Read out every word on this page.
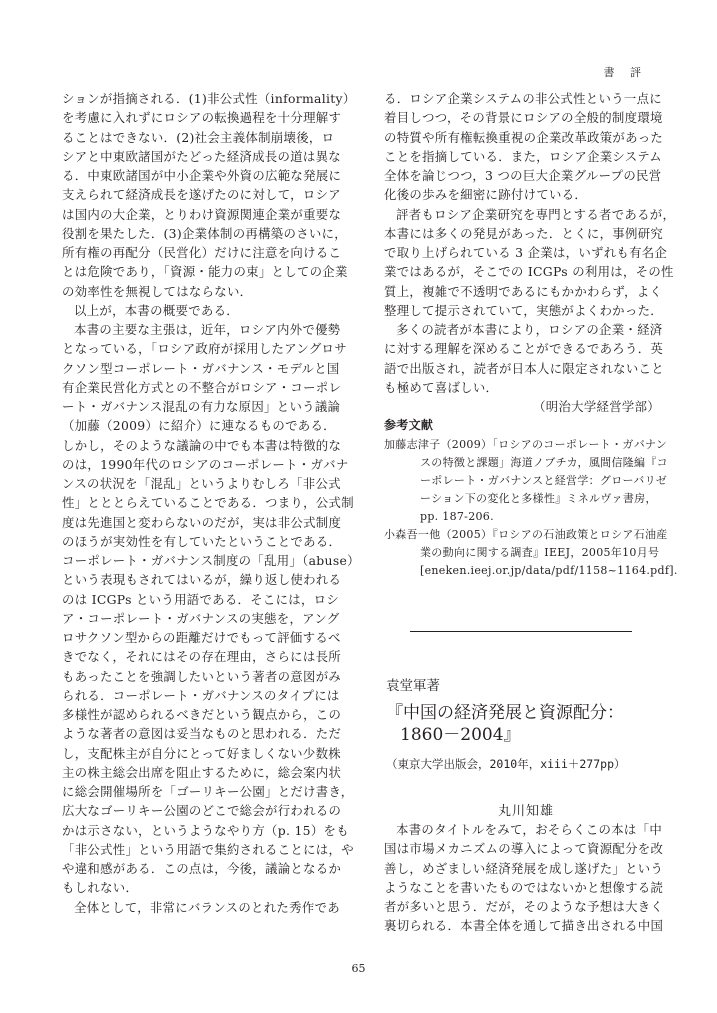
書 評

ションが指摘される．(1)非公式性（informality）

を考慮に入れずにロシアの転換過程を十分理解す

ることはできない．(2)社会主義体制崩壊後，ロ

シアと中東欧諸国がたどった経済成長の道は異な

る．中東欧諸国が中小企業や外資の広範な発展に

支えられて経済成長を遂げたのに対して，ロシア

は国内の大企業，とりわけ資源関連企業が重要な

役割を果たした．(3)企業体制の再構築のさいに，

所有権の再配分（民営化）だけに注意を向けるこ

とは危険であり，「資源・能力の束」としての企業

の効率性を無視してはならない．

以上が，本書の概要である．

本書の主要な主張は，近年，ロシア内外で優勢

となっている，「ロシア政府が採用したアングロサ

クソン型コーポレート・ガバナンス・モデルと国

有企業民営化方式との不整合がロシア・コーポレ

ート・ガバナンス混乱の有力な原因」という議論

（加藤（2009）に紹介）に連なるものである．

しかし，そのような議論の中でも本書は特徴的な

のは，1990年代のロシアのコーポレート・ガバナ

ンスの状況を「混乱」というよりむしろ「非公式

性」とととらえていることである．つまり，公式制

度は先進国と変わらないのだが，実は非公式制度

のほうが実効性を有していたということである．

コーポレート・ガバナンス制度の「乱用」（abuse）

という表現もされてはいるが，繰り返し使われる

のは ICGPs という用語である．そこには，ロシ

ア・コーポレート・ガバナンスの実態を，アング

ロサクソン型からの距離だけでもって評価するべ

きでなく，それにはその存在理由，さらには長所

もあったことを強調したいという著者の意図がみ

られる．コーポレート・ガバナンスのタイプには

多様性が認められるべきだという観点から，この

ような著者の意図は妥当なものと思われる．ただ

し，支配株主が自分にとって好ましくない少数株

主の株主総会出席を阻止するために，総会案内状

に総会開催場所を「ゴーリキー公園」とだけ書き，

広大なゴーリキー公園のどこで総会が行われるの

かは示さない，というようなやり方（p. 15）をも

「非公式性」という用語で集約されることには，や

や違和感がある．この点は，今後，議論となるか

もしれない．

全体として，非常にバランスのとれた秀作であ

る．ロシア企業システムの非公式性という一点に

着目しつつ，その背景にロシアの全般的制度環境

の特質や所有権転換重視の企業改革政策があった

ことを指摘している．また，ロシア企業システム

全体を論じつつ，3 つの巨大企業グループの民営

化後の歩みを細密に跡付けている．

評者もロシア企業研究を専門とする者であるが，

本書には多くの発見があった．とくに，事例研究

で取り上げられている 3 企業は，いずれも有名企

業ではあるが，そこでの ICGPs の利用は，その性

質上，複雑で不透明であるにもかかわらず，よく

整理して提示されていて，実態がよくわかった．

多くの読者が本書により，ロシアの企業・経済

に対する理解を深めることができるであろう．英

語で出版され，読者が日本人に限定されないこと

も極めて喜ばしい．

（明治大学経営学部）

参考文献

加藤志津子（2009）「ロシアのコーポレート・ガバナン

スの特徴と課題」海道ノブチカ，風間信隆編『コ

ーポレート・ガバナンスと経営学：グローバリゼ

ーション下の変化と多様性』ミネルヴァ書房，

pp. 187-206.

小森吾一他（2005）『ロシアの石油政策とロシア石油産

業の動向に関する調査』IEEJ，2005年10月号

[eneken.ieej.or.jp/data/pdf/1158~1164.pdf].

袁堂軍著

『中国の経済発展と資源配分：

1860－2004』

（東京大学出版会，2010年，xiii＋277pp）

丸川知雄

本書のタイトルをみて，おそらくこの本は「中

国は市場メカニズムの導入によって資源配分を改

善し，めざましい経済発展を成し遂げた」という

ようなことを書いたものではないかと想像する読

者が多いと思う．だが，そのような予想は大きく

裏切られる．本書全体を通して描き出される中国

65
